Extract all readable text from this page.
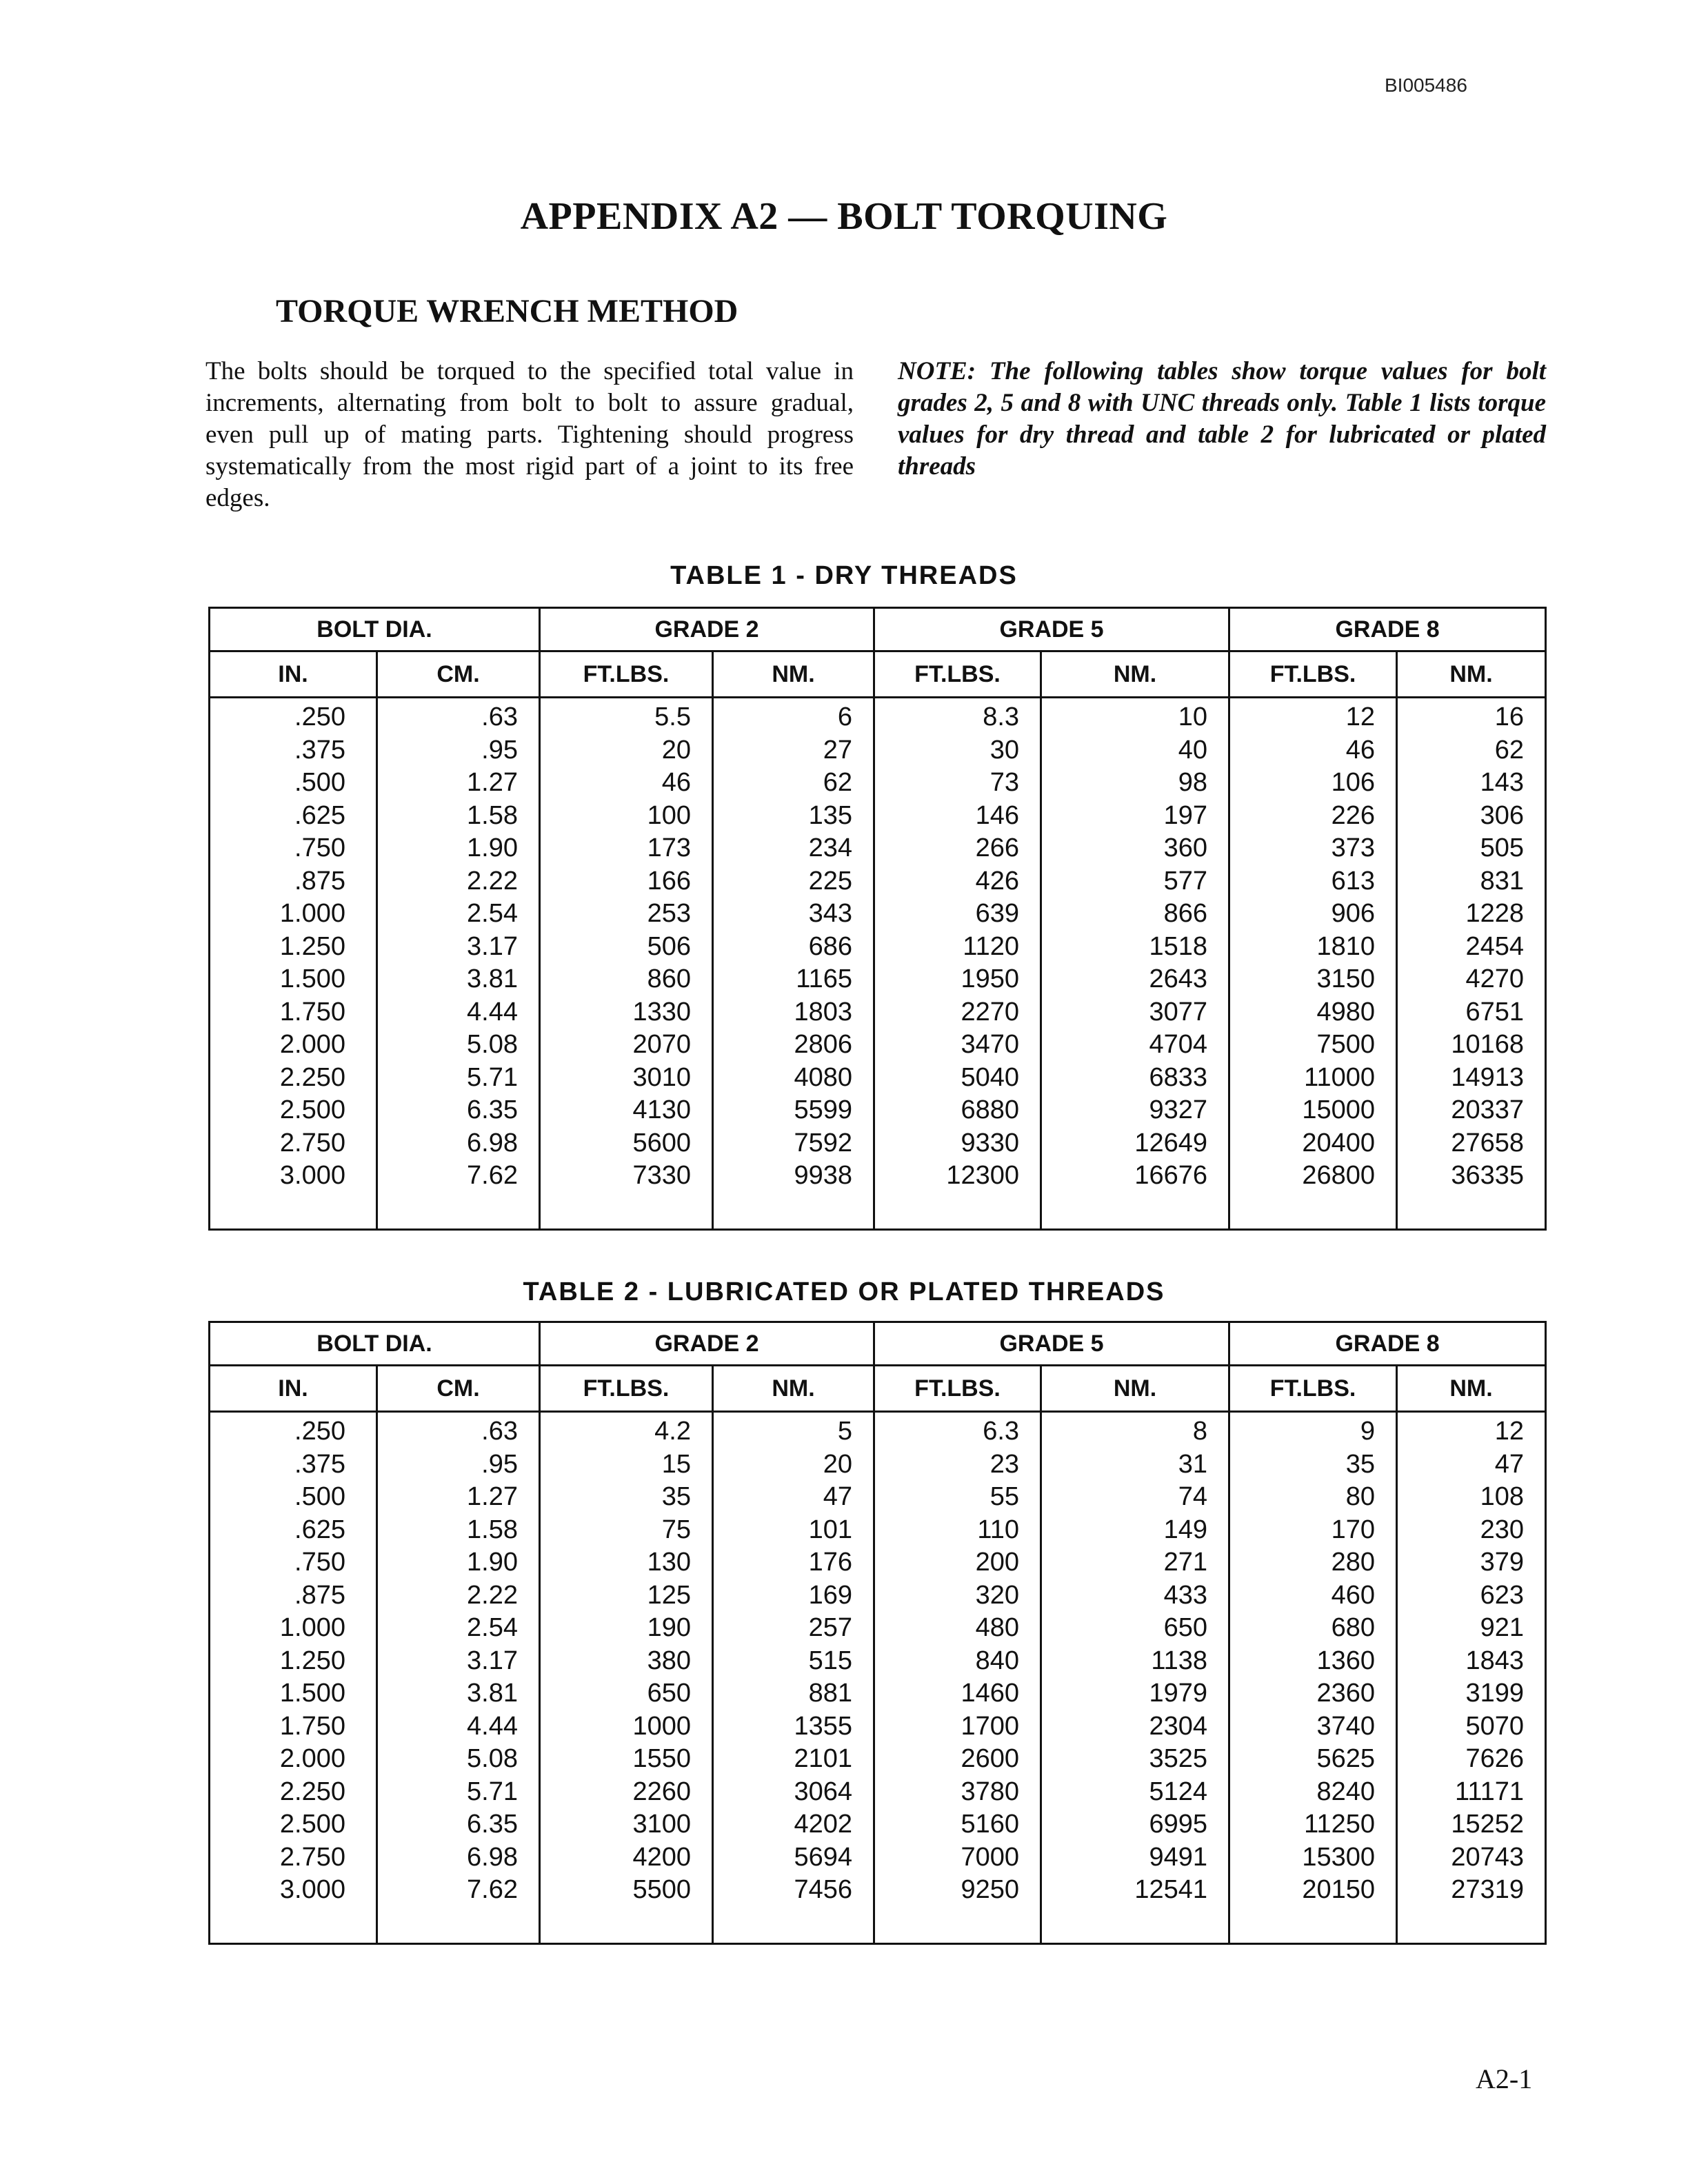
BI005486
APPENDIX A2 — BOLT TORQUING
TORQUE WRENCH METHOD
The bolts should be torqued to the specified total value in increments, alternating from bolt to bolt to assure gradual, even pull up of mating parts. Tightening should progress systematically from the most rigid part of a joint to its free edges.
NOTE: The following tables show torque values for bolt grades 2, 5 and 8 with UNC threads only. Table 1 lists torque values for dry thread and table 2 for lubricated or plated threads
TABLE 1 - DRY THREADS
BOLT DIA.		GRADE 2		GRADE 5		GRADE 8	
IN.	CM.	FT.LBS.	NM.	FT.LBS.	NM.	FT.LBS.	NM.

.250	.63	5.5	6	8.3	10	12	16
.375	.95	20	27	30	40	46	62
.500	1.27	46	62	73	98	106	143
.625	1.58	100	135	146	197	226	306
.750	1.90	173	234	266	360	373	505
.875	2.22	166	225	426	577	613	831
1.000	2.54	253	343	639	866	906	1228
1.250	3.17	506	686	1120	1518	1810	2454
1.500	3.81	860	1165	1950	2643	3150	4270
1.750	4.44	1330	1803	2270	3077	4980	6751
2.000	5.08	2070	2806	3470	4704	7500	10168
2.250	5.71	3010	4080	5040	6833	11000	14913
2.500	6.35	4130	5599	6880	9327	15000	20337
2.750	6.98	5600	7592	9330	12649	20400	27658
3.000	7.62	7330	9938	12300	16676	26800	36335
TABLE 2 - LUBRICATED OR PLATED THREADS
BOLT DIA.		GRADE 2		GRADE 5		GRADE 8	
IN.	CM.	FT.LBS.	NM.	FT.LBS.	NM.	FT.LBS.	NM.

.250	.63	4.2	5	6.3	8	9	12
.375	.95	15	20	23	31	35	47
.500	1.27	35	47	55	74	80	108
.625	1.58	75	101	110	149	170	230
.750	1.90	130	176	200	271	280	379
.875	2.22	125	169	320	433	460	623
1.000	2.54	190	257	480	650	680	921
1.250	3.17	380	515	840	1138	1360	1843
1.500	3.81	650	881	1460	1979	2360	3199
1.750	4.44	1000	1355	1700	2304	3740	5070
2.000	5.08	1550	2101	2600	3525	5625	7626
2.250	5.71	2260	3064	3780	5124	8240	11171
2.500	6.35	3100	4202	5160	6995	11250	15252
2.750	6.98	4200	5694	7000	9491	15300	20743
3.000	7.62	5500	7456	9250	12541	20150	27319
A2-1
